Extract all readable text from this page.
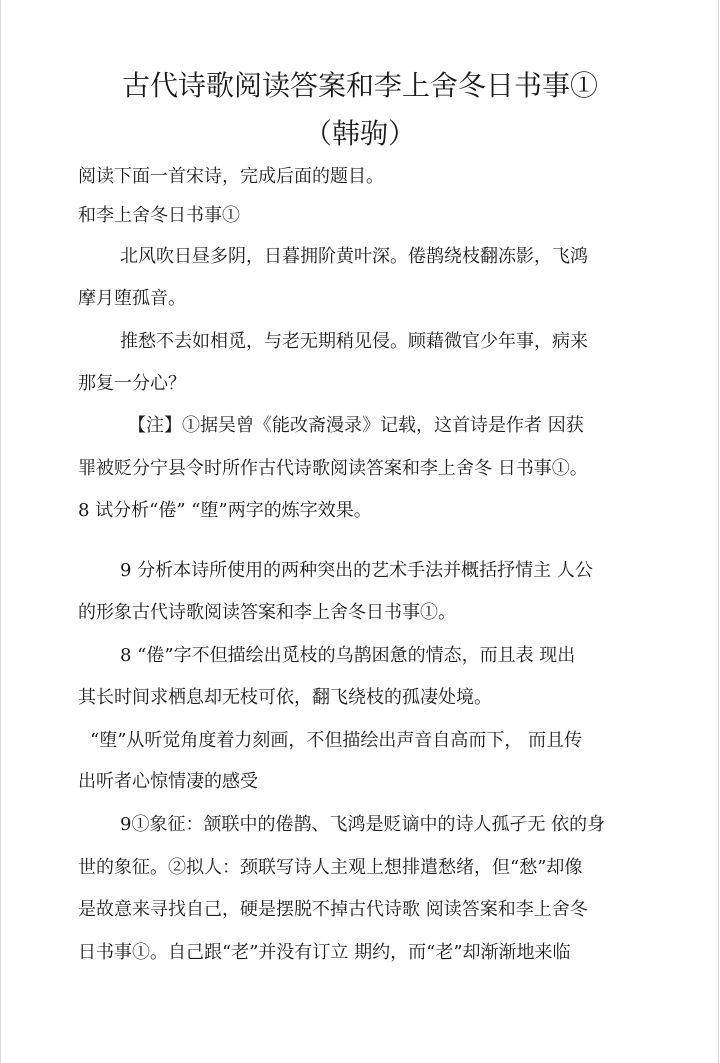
古代诗歌阅读答案和李上舍冬日书事①
（韩驹）
阅读下面一首宋诗，完成后面的题目。
和李上舍冬日书事①
北风吹日昼多阴，日暮拥阶黄叶深。倦鹊绕枝翻冻影，飞鸿
摩月堕孤音。
推愁不去如相觅，与老无期稍见侵。顾藉微官少年事，病来
那复一分心？
【注】①据吴曾《能改斋漫录》记载，这首诗是作者 因获
罪被贬分宁县令时所作古代诗歌阅读答案和李上舍冬 日书事①。
8 试分析“倦” “堕”两字的炼字效果。
9 分析本诗所使用的两种突出的艺术手法并概括抒情主 人公
的形象古代诗歌阅读答案和李上舍冬日书事①。
8 “倦”字不但描绘出觅枝的乌鹊困惫的情态，而且表 现出
其长时间求栖息却无枝可依，翻飞绕枝的孤凄处境。
“堕”从听觉角度着力刻画，不但描绘出声音自高而下， 而且传
出听者心惊情凄的感受
9①象征：颔联中的倦鹊、飞鸿是贬谪中的诗人孤孑无 依的身
世的象征。②拟人：颈联写诗人主观上想排遣愁绪，但“愁”却像
是故意来寻找自己，硬是摆脱不掉古代诗歌 阅读答案和李上舍冬
日书事①。自己跟“老”并没有订立 期约，而“老”却渐渐地来临
